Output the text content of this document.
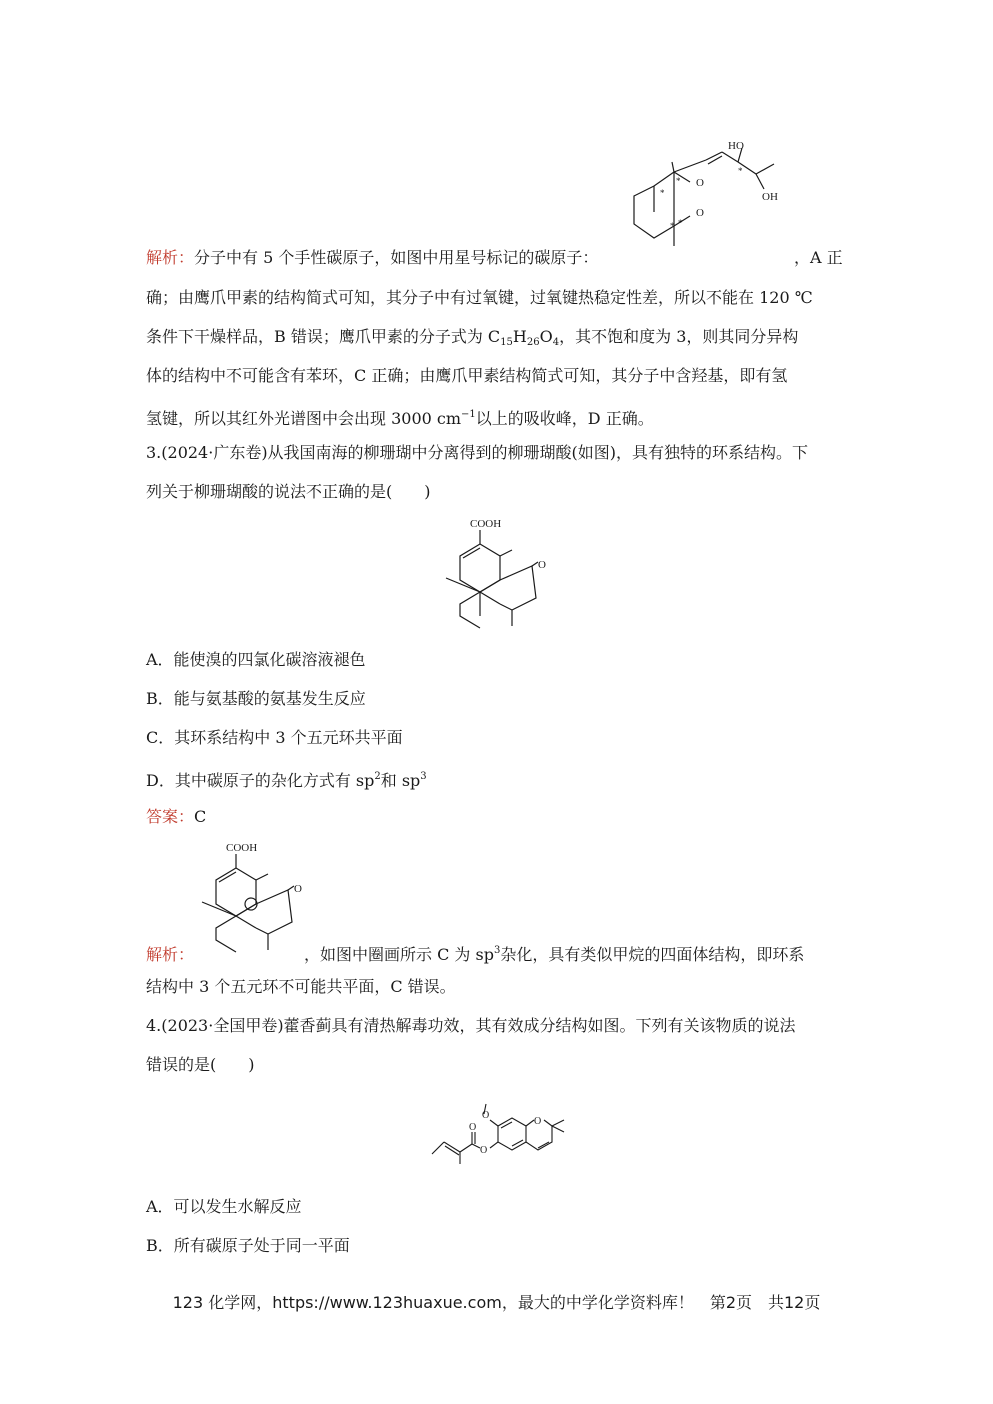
O
O
HO
OH
*
*
*
*
*
解析：分子中有 5 个手性碳原子，如图中用星号标记的碳原子：	，A 正
确；由鹰爪甲素的结构简式可知，其分子中有过氧键，过氧键热稳定性差，所以不能在 120 ℃
条件下干燥样品，B 错误；鹰爪甲素的分子式为 $C_{15}H_{26}O_4$，其不饱和度为 3，则其同分异构
体的结构中不可能含有苯环，C 正确；由鹰爪甲素结构简式可知，其分子中含羟基，即有氢
氢键，所以其红外光谱图中会出现 3000 $cm^{-1}$以上的吸收峰，D 正确。
3.(2024·广东卷)从我国南海的柳珊瑚中分离得到的柳珊瑚酸(如图)，具有独特的环系结构。下
列关于柳珊瑚酸的说法不正确的是(　　)
COOH
O
A．能使溴的四氯化碳溶液褪色
B．能与氨基酸的氨基发生反应
C．其环系结构中 3 个五元环共平面
D．其中碳原子的杂化方式有 $sp^2$和 $sp^3$
答案：C
COOH
O
解析：	，如图中圈画所示 C 为 $sp^3$杂化，具有类似甲烷的四面体结构，即环系
结构中 3 个五元环不可能共平面，C 错误。
4.(2023·全国甲卷)藿香蓟具有清热解毒功效，其有效成分结构如图。下列有关该物质的说法
错误的是(　　)
O
O
O
O
A．可以发生水解反应
B．所有碳原子处于同一平面
123 化学网，https://www.123huaxue.com，最大的中学化学资料库！　第2页　共12页
